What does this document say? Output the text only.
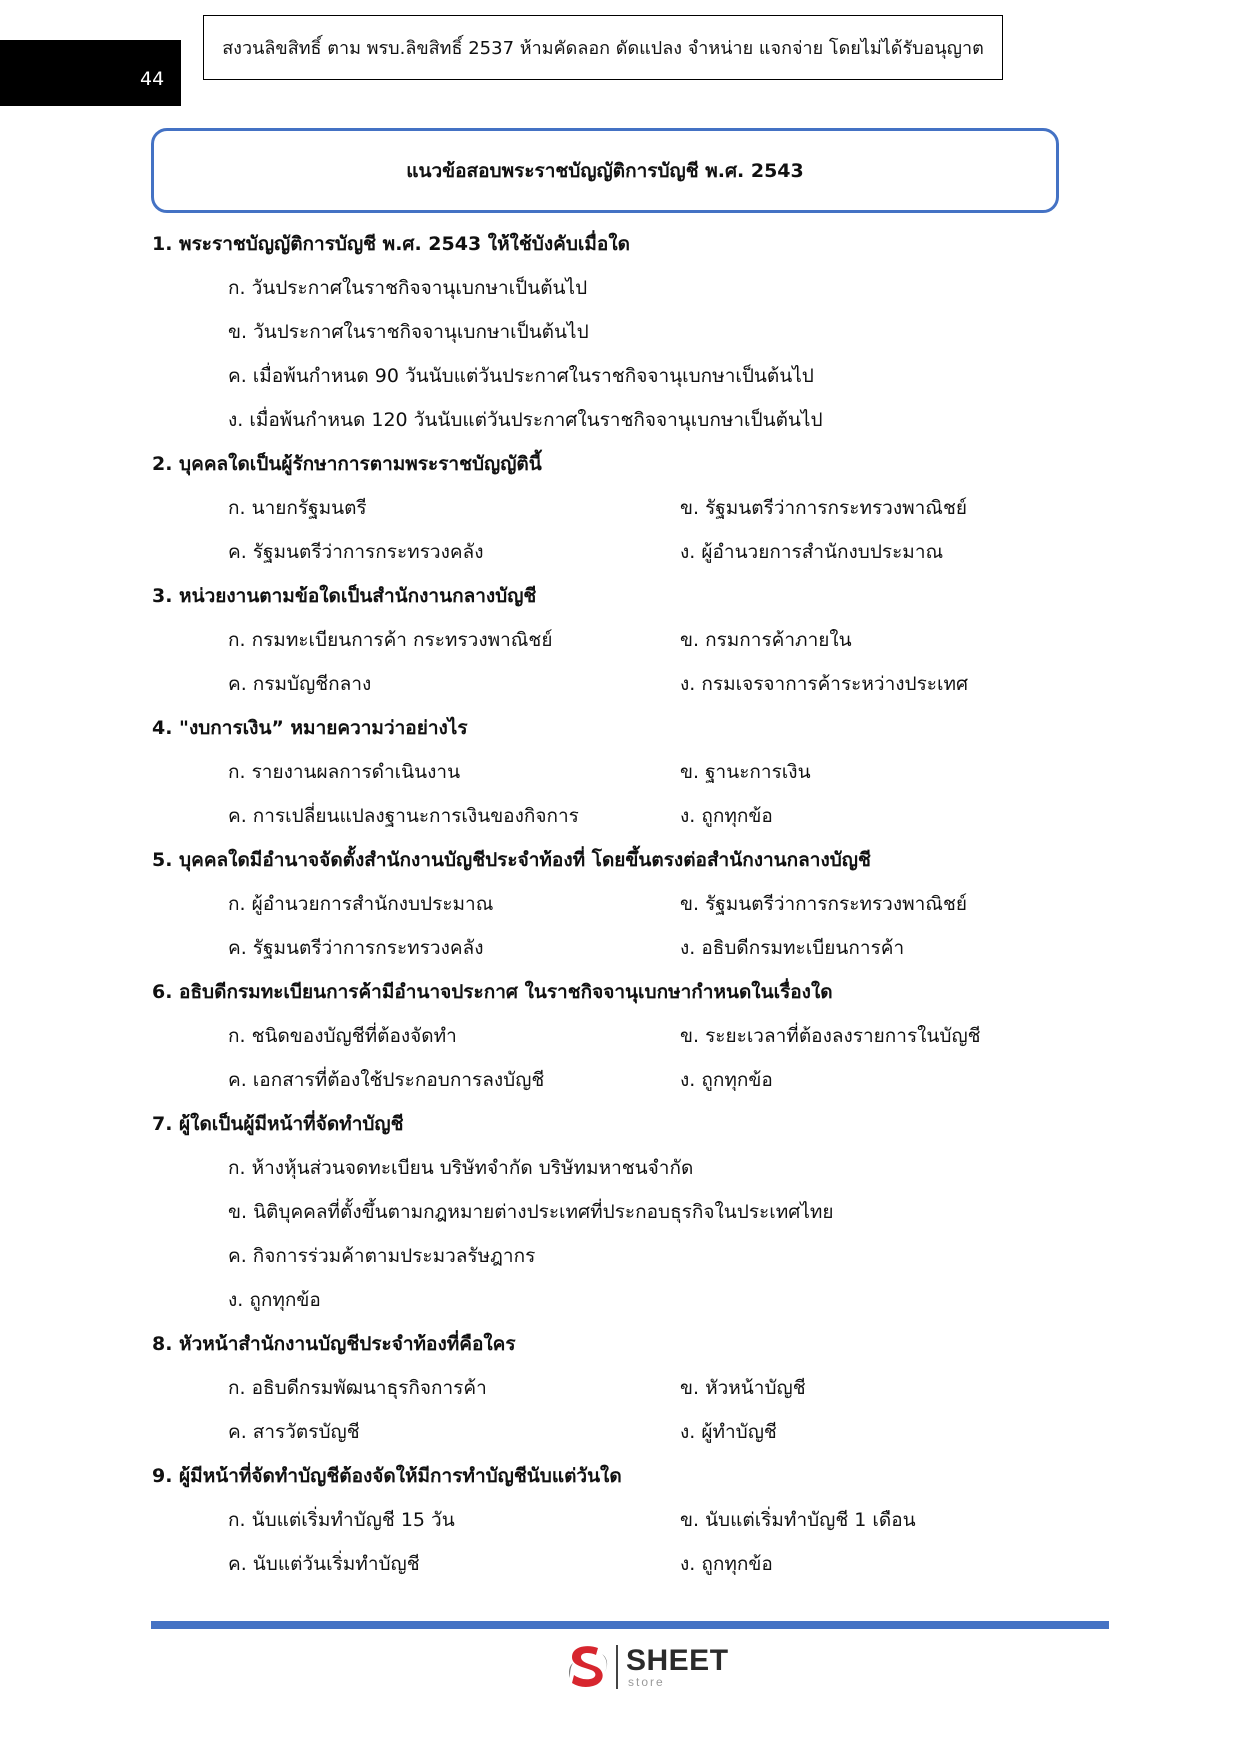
44
สงวนลิขสิทธิ์ ตาม พรบ.ลิขสิทธิ์ 2537 ห้ามคัดลอก ดัดแปลง จำหน่าย แจกจ่าย โดยไม่ได้รับอนุญาต
แนวข้อสอบพระราชบัญญัติการบัญชี พ.ศ. 2543
1. พระราชบัญญัติการบัญชี พ.ศ. 2543 ให้ใช้บังคับเมื่อใด
ก. วันประกาศในราชกิจจานุเบกษาเป็นต้นไป
ข. วันประกาศในราชกิจจานุเบกษาเป็นต้นไป
ค. เมื่อพ้นกำหนด 90 วันนับแต่วันประกาศในราชกิจจานุเบกษาเป็นต้นไป
ง. เมื่อพ้นกำหนด 120 วันนับแต่วันประกาศในราชกิจจานุเบกษาเป็นต้นไป
2. บุคคลใดเป็นผู้รักษาการตามพระราชบัญญัตินี้
ก. นายกรัฐมนตรี	ข. รัฐมนตรีว่าการกระทรวงพาณิชย์
ค. รัฐมนตรีว่าการกระทรวงคลัง	ง. ผู้อำนวยการสำนักงบประมาณ
3. หน่วยงานตามข้อใดเป็นสำนักงานกลางบัญชี
ก. กรมทะเบียนการค้า กระทรวงพาณิชย์	ข. กรมการค้าภายใน
ค. กรมบัญชีกลาง	ง. กรมเจรจาการค้าระหว่างประเทศ
4. "งบการเงิน” หมายความว่าอย่างไร
ก. รายงานผลการดำเนินงาน	ข. ฐานะการเงิน
ค. การเปลี่ยนแปลงฐานะการเงินของกิจการ	ง. ถูกทุกข้อ
5. บุคคลใดมีอำนาจจัดตั้งสำนักงานบัญชีประจำท้องที่ โดยขึ้นตรงต่อสำนักงานกลางบัญชี
ก. ผู้อำนวยการสำนักงบประมาณ	ข. รัฐมนตรีว่าการกระทรวงพาณิชย์
ค. รัฐมนตรีว่าการกระทรวงคลัง	ง. อธิบดีกรมทะเบียนการค้า
6. อธิบดีกรมทะเบียนการค้ามีอำนาจประกาศ ในราชกิจจานุเบกษากำหนดในเรื่องใด
ก. ชนิดของบัญชีที่ต้องจัดทำ	ข. ระยะเวลาที่ต้องลงรายการในบัญชี
ค. เอกสารที่ต้องใช้ประกอบการลงบัญชี	ง. ถูกทุกข้อ
7. ผู้ใดเป็นผู้มีหน้าที่จัดทำบัญชี
ก. ห้างหุ้นส่วนจดทะเบียน บริษัทจำกัด บริษัทมหาชนจำกัด
ข. นิติบุคคลที่ตั้งขึ้นตามกฎหมายต่างประเทศที่ประกอบธุรกิจในประเทศไทย
ค. กิจการร่วมค้าตามประมวลรัษฎากร
ง. ถูกทุกข้อ
8. หัวหน้าสำนักงานบัญชีประจำท้องที่คือใคร
ก. อธิบดีกรมพัฒนาธุรกิจการค้า	ข. หัวหน้าบัญชี
ค. สารวัตรบัญชี	ง. ผู้ทำบัญชี
9. ผู้มีหน้าที่จัดทำบัญชีต้องจัดให้มีการทำบัญชีนับแต่วันใด
ก. นับแต่เริ่มทำบัญชี 15 วัน	ข. นับแต่เริ่มทำบัญชี 1 เดือน
ค. นับแต่วันเริ่มทำบัญชี	ง. ถูกทุกข้อ
SHEET
store
